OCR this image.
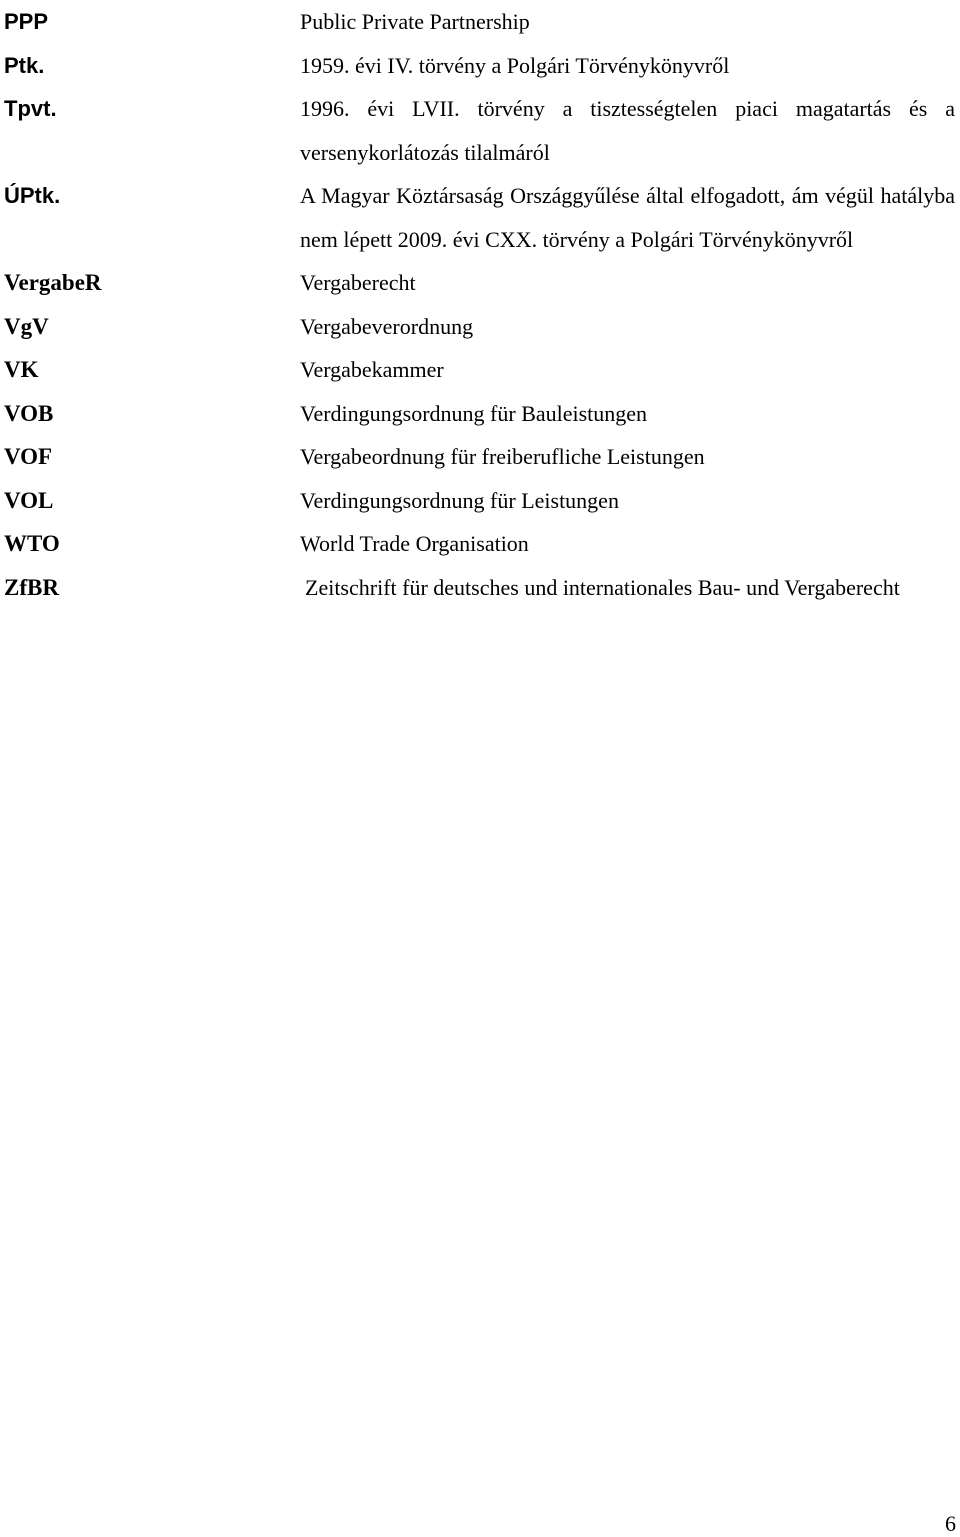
PPP	Public Private Partnership
Ptk.	1959. évi IV. törvény a Polgári Törvénykönyvről
Tpvt.	1996. évi LVII. törvény a tisztességtelen piaci magatartás és a versenykorlátozás tilalmáról
ÚPtk.	A Magyar Köztársaság Országgyűlése által elfogadott, ám végül hatályba nem lépett 2009. évi CXX. törvény a Polgári Törvénykönyvről
VergabeR	Vergaberecht
VgV	Vergabeverordnung
VK	Vergabekammer
VOB	Verdingungsordnung für Bauleistungen
VOF	Vergabeordnung für freiberufliche Leistungen
VOL	Verdingungsordnung für Leistungen
WTO	World Trade Organisation
ZfBR	Zeitschrift für deutsches und internationales Bau- und Vergaberecht
6
